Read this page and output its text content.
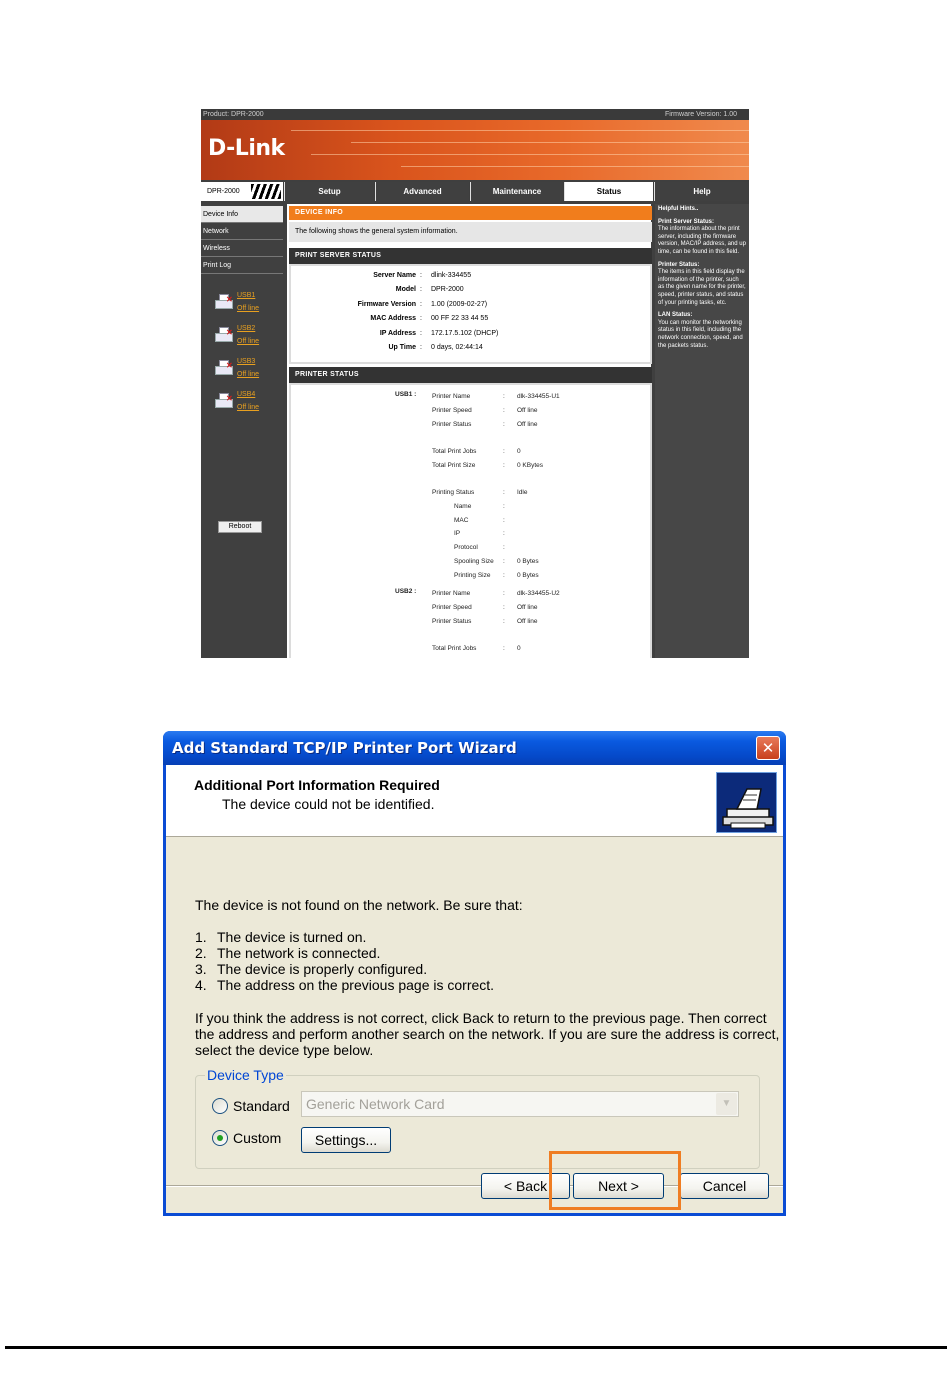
Product: DPR-2000	Firmware Version: 1.00
D-Link
DPR-2000	Setup	Advanced	Maintenance	Status	Help
Device Info
Network
Wireless
Print Log
✕ USB1
Off line
✕ USB2
Off line
✕ USB3
Off line
✕ USB4
Off line
Reboot
DEVICE INFO
The following shows the general system information.
PRINT SERVER STATUS
Server Name : dlink-334455
Model : DPR-2000
Firmware Version : 1.00 (2009-02-27)
MAC Address : 00 FF 22 33 44 55
IP Address : 172.17.5.102 (DHCP)
Up Time : 0 days, 02:44:14
PRINTER STATUS
USB1 : Printer Name	: dlk-334455-U1
Printer Speed	: Off line
Printer Status	: Off line
Total Print Jobs	: 0
Total Print Size	: 0 KBytes
Printing Status	: Idle
Name	:
MAC	:
IP	:
Protocol	:
Spooling Size : 0 Bytes
Printing Size : 0 Bytes
USB2 : Printer Name	: dlk-334455-U2
Printer Speed	: Off line
Printer Status	: Off line
Total Print Jobs	: 0

Helpful Hints..

Print Server Status:
The information about the print server, including the firmware version, MAC/IP address, and up time, can be found in this field.

Printer Status:
The items in this field display the information of the printer, such as the given name for the printer, speed, printer status, and status of your printing tasks, etc.

LAN Status:
You can monitor the networking status in this field, including the network connection, speed, and the packets status.

Add Standard TCP/IP Printer Port Wizard	✕
Additional Port Information Required
The device could not be identified.
The device is not found on the network. Be sure that:
1. The device is turned on.
2. The network is connected.
3. The device is properly configured.
4. The address on the previous page is correct.
If you think the address is not correct, click Back to return to the previous page. Then correct
the address and perform another search on the network. If you are sure the address is correct,
select the device type below.
Device Type
Standard Generic Network Card	▼
Custom	Settings...
< Back	Next >	Cancel
